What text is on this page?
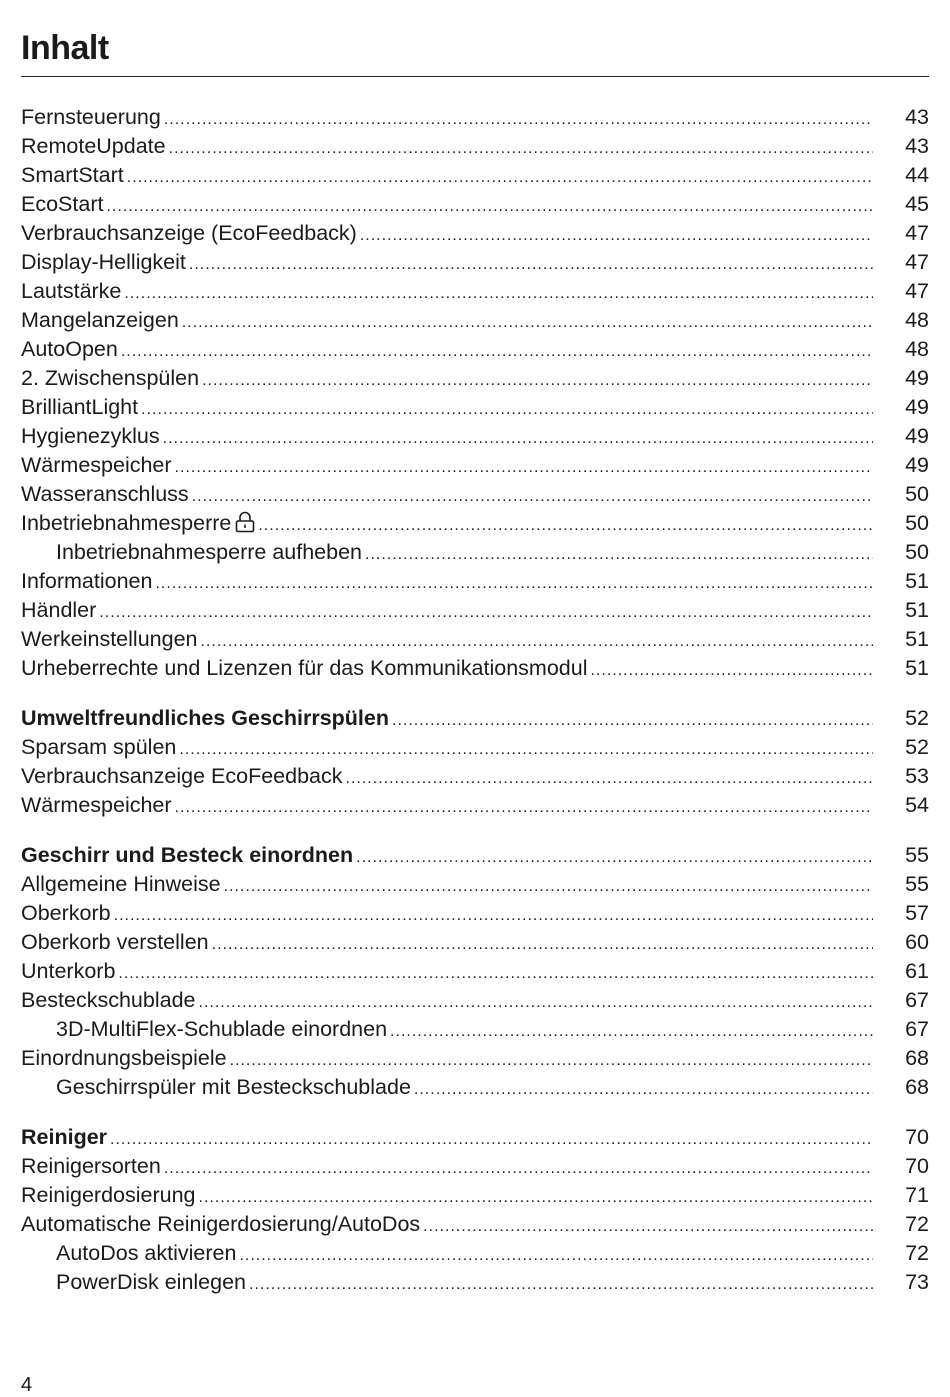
Inhalt
Fernsteuerung .....	43
RemoteUpdate .....	43
SmartStart .....	44
EcoStart .....	45
Verbrauchsanzeige (EcoFeedback) .....	47
Display-Helligkeit .....	47
Lautstärke .....	47
Mangelanzeigen .....	48
AutoOpen .....	48
2. Zwischenspülen .....	49
BrilliantLight .....	49
Hygienezyklus .....	49
Wärmespeicher .....	49
Wasseranschluss .....	50
Inbetriebnahmesperre .....	50
Inbetriebnahmesperre aufheben .....	50
Informationen .....	51
Händler .....	51
Werkeinstellungen .....	51
Urheberrechte und Lizenzen für das Kommunikationsmodul .....	51
Umweltfreundliches Geschirrspülen .....	52
Sparsam spülen .....	52
Verbrauchsanzeige EcoFeedback .....	53
Wärmespeicher .....	54
Geschirr und Besteck einordnen .....	55
Allgemeine Hinweise .....	55
Oberkorb .....	57
Oberkorb verstellen .....	60
Unterkorb .....	61
Besteckschublade .....	67
3D-MultiFlex-Schublade einordnen .....	67
Einordnungsbeispiele .....	68
Geschirrspüler mit Besteckschublade .....	68
Reiniger .....	70
Reinigersorten .....	70
Reinigerdosierung .....	71
Automatische Reinigerdosierung/AutoDos .....	72
AutoDos aktivieren .....	72
PowerDisk einlegen .....	73
4
